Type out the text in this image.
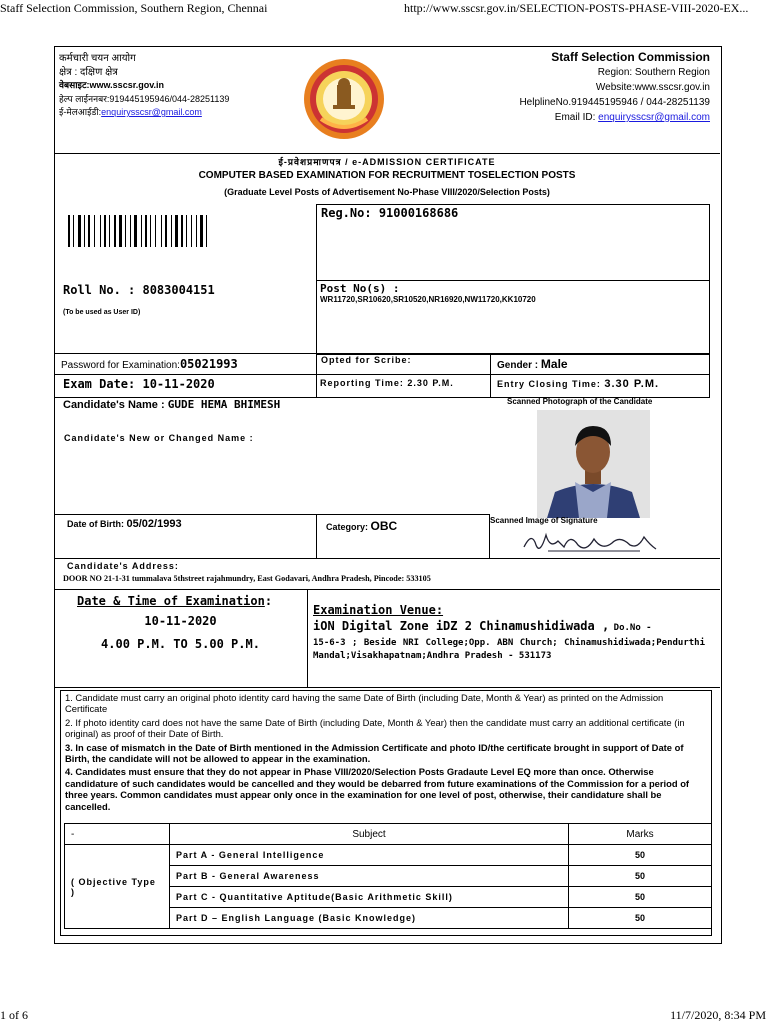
Staff Selection Commission, Southern Region, Chennai	http://www.sscsr.gov.in/SELECTION-POSTS-PHASE-VIII-2020-EX...
कर्मचारी चयन आयोग
क्षेत्र : दक्षिण क्षेत्र
वेबसाइट:www.sscsr.gov.in
हेल्प लाईननबर:919445195946/044-28251139
ई-मेलआईडी:enquirysscsr@gmail.com
Staff Selection Commission
Region: Southern Region
Website:www.sscsr.gov.in
HelplineNo.919445195946 / 044-28251139
Email ID: enquirysscsr@gmail.com
ई-प्रवेशप्रमाणपत्र / e-ADMISSION CERTIFICATE
COMPUTER BASED EXAMINATION FOR RECRUITMENT TOSELECTION POSTS
(Graduate Level Posts of Advertisement No-Phase VIII/2020/Selection Posts)
Reg.No: 91000168686
Roll No. : 8083004151
(To be used as User ID)
Post No(s) :
WR11720,SR10620,SR10520,NR16920,NW11720,KK10720
Password for Examination:05021993	Opted for Scribe:	Gender : Male
Exam Date: 10-11-2020	Reporting Time: 2.30 P.M.	Entry Closing Time: 3.30 P.M.
Candidate's Name : GUDE HEMA BHIMESH	Scanned Photograph of the Candidate
Candidate's New or Changed Name :
Date of Birth: 05/02/1993	Category: OBC	Scanned Image of Signature
Candidate's Address:
DOOR NO 21-1-31 tummalava 5thstreet rajahmundry, East Godavari, Andhra Pradesh, Pincode: 533105
Date & Time of Examination:
10-11-2020
4.00 P.M. TO 5.00 P.M.
Examination Venue:
iON Digital Zone iDZ 2 Chinamushidiwada , Do.No -
15-6-3 ; Beside NRI College;Opp. ABN Church; Chinamushidiwada;Pendurthi Mandal;Visakhapatnam;Andhra Pradesh - 531173

1. Candidate must carry an original photo identity card having the same Date of Birth (including Date, Month & Year) as printed on the Admission Certificate

2. If photo identity card does not have the same Date of Birth (including Date, Month & Year) then the candidate must carry an additional certificate (in original) as proof of their Date of Birth.

3. In case of mismatch in the Date of Birth mentioned in the Admission Certificate and photo ID/the certificate brought in support of Date of Birth, the candidate will not be allowed to appear in the examination.

4. Candidates must ensure that they do not appear in Phase VIII/2020/Selection Posts Gradaute Level EQ more than once. Otherwise candidature of such candidates would be cancelled and they would be debarred from future examinations of the Commission for a period of three years. Common candidates must appear only once in the examination for one level of post, otherwise, their candidature shall be cancelled.

-	Subject	Marks
( Objective Type )	Part A - General Intelligence	50
	Part B - General Awareness	50
	Part C - Quantitative Aptitude(Basic Arithmetic Skill)	50
	Part D – English Language (Basic Knowledge)	50
1 of 6	11/7/2020, 8:34 PM
